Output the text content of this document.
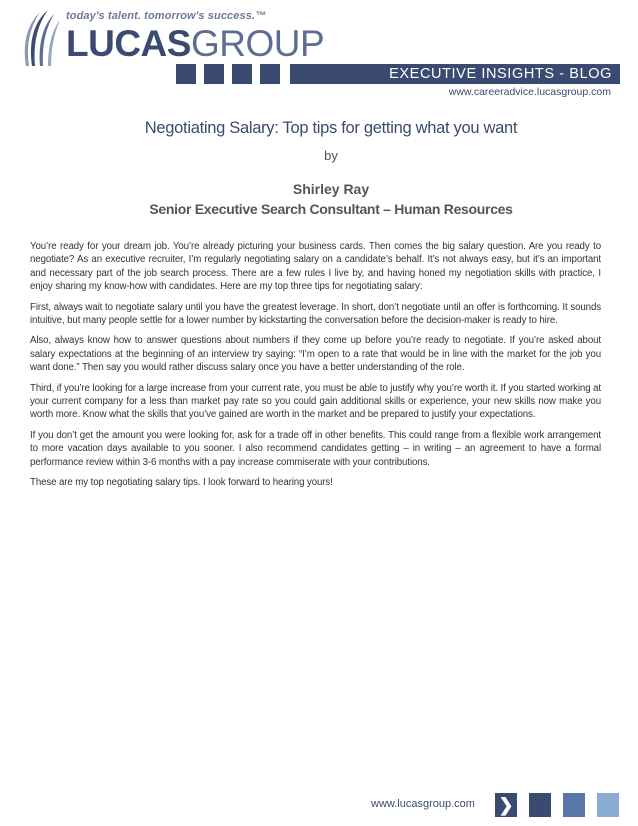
today's talent. tomorrow's success.™
LUCASGROUP
EXECUTIVE INSIGHTS - BLOG
www.careeradvice.lucasgroup.com
Negotiating Salary: Top tips for getting what you want
by
Shirley Ray
Senior Executive Search Consultant – Human Resources

You’re ready for your dream job. You’re already picturing your business cards. Then comes the big salary question. Are you ready to negotiate? As an executive recruiter, I’m regularly negotiating salary on a candidate’s behalf. It’s not always easy, but it’s an important and necessary part of the job search process. There are a few rules I live by, and having honed my negotiation skills with practice, I enjoy sharing my know-how with candidates. Here are my top three tips for negotiating salary:

First, always wait to negotiate salary until you have the greatest leverage. In short, don’t negotiate until an offer is forthcoming. It sounds intuitive, but many people settle for a lower number by kickstarting the conversation before the decision-maker is ready to hire.

Also, always know how to answer questions about numbers if they come up before you’re ready to negotiate. If you’re asked about salary expectations at the beginning of an interview try saying: “I’m open to a rate that would be in line with the market for the job you want done.” Then say you would rather discuss salary once you have a better understanding of the role.

Third, if you’re looking for a large increase from your current rate, you must be able to justify why you’re worth it. If you started working at your current company for a less than market pay rate so you could gain additional skills or experience, your new skills now make you worth more. Know what the skills that you’ve gained are worth in the market and be prepared to justify your expectations.

If you don’t get the amount you were looking for, ask for a trade off in other benefits. This could range from a flexible work arrangement to more vacation days available to you sooner. I also recommend candidates getting – in writing – an agreement to have a formal performance review within 3-6 months with a pay increase commiserate with your contributions.

These are my top negotiating salary tips. I look forward to hearing yours!

www.lucasgroup.com ❯
